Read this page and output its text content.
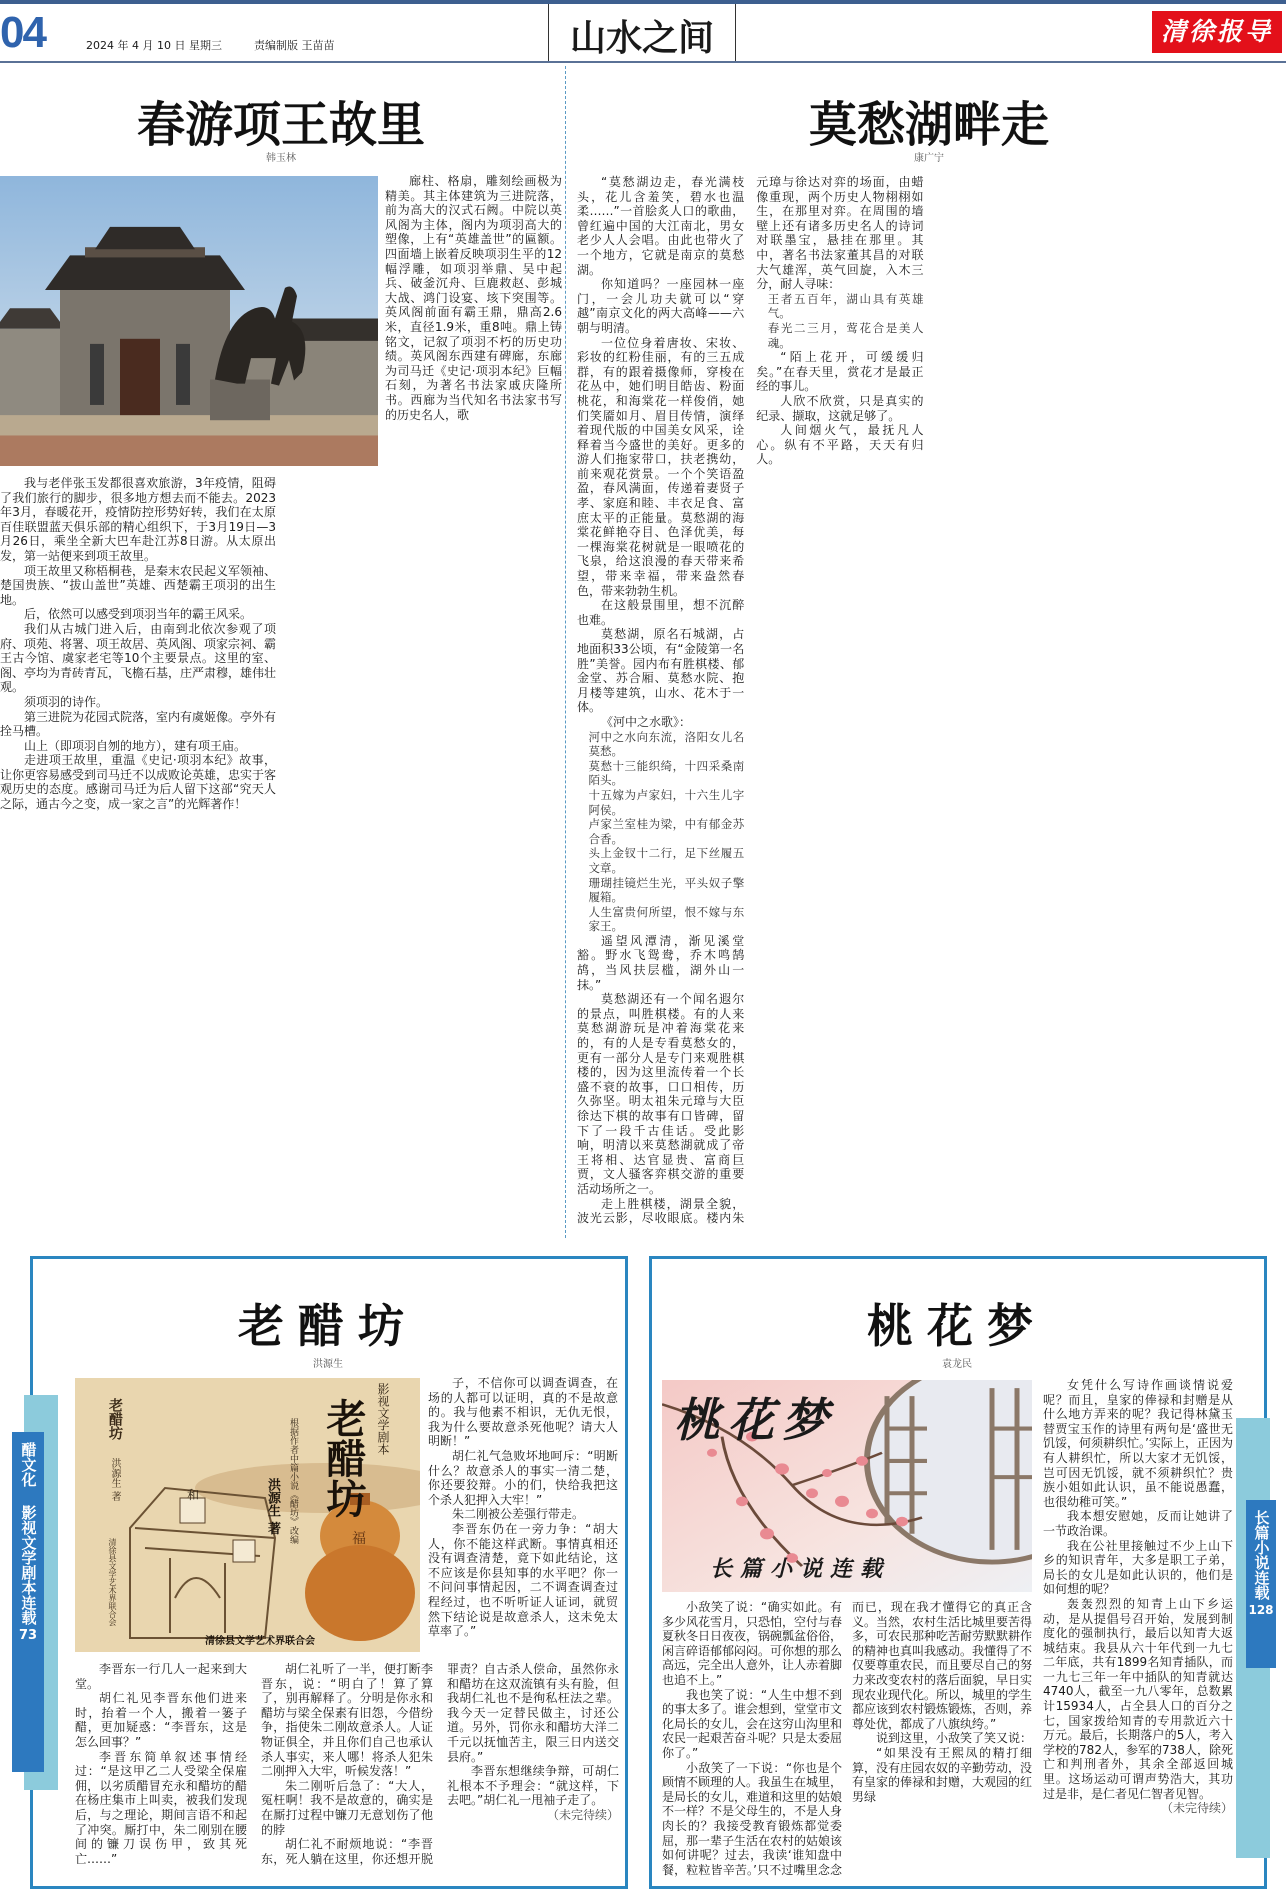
04	2024 年 4 月 10 日 星期三	责编制版 王苗苗	山水之间	清徐报导
春游项王故里
韩玉林

廊柱、格扇，雕刻绘画极为精美。其主体建筑为三进院落，前为高大的汉式石阙。中院以英风阁为主体，阁内为项羽高大的塑像，上有“英雄盖世”的匾额。四面墙上嵌着反映项羽生平的12幅浮雕，如项羽举鼎、吴中起兵、破釜沉舟、巨鹿救赵、彭城大战、鸿门设宴、垓下突围等。英风阁前面有霸王鼎，鼎高2.6米，直径1.9米，重8吨。鼎上铸铭文，记叙了项羽不朽的历史功绩。英风阁东西建有碑廊，东廊为司马迁《史记·项羽本纪》巨幅石刻，为著名书法家戚庆隆所书。西廊为当代知名书法家书写的历史名人，歌

我与老伴张玉发都很喜欢旅游，3年疫情，阻碍了我们旅行的脚步，很多地方想去而不能去。2023年3月，春暖花开，疫情防控形势好转，我们在太原百佳联盟蓝天俱乐部的精心组织下，于3月19日—3月26日，乘坐全新大巴车赴江苏8日游。从太原出发，第一站便来到项王故里。

项王故里又称梧桐巷，是秦末农民起义军领袖、楚国贵族、“拔山盖世”英雄、西楚霸王项羽的出生地。

后，依然可以感受到项羽当年的霸王风采。

我们从古城门进入后，由南到北依次参观了项府、项苑、将署、项王故居、英风阁、项家宗祠、霸王古今馆、虞家老宅等10个主要景点。这里的室、阁、亭均为青砖青瓦，飞檐石基，庄严肃穆，雄伟壮观。

须项羽的诗作。

第三进院为花园式院落，室内有虞姬像。亭外有拴马槽。

山上（即项羽自刎的地方），建有项王庙。

走进项王故里，重温《史记·项羽本纪》故事，让你更容易感受到司马迁不以成败论英雄，忠实于客观历史的态度。感谢司马迁为后人留下这部“究天人之际，通古今之变，成一家之言”的光辉著作！

莫愁湖畔走
康广宁

“莫愁湖边走，春光满枝头，花儿含羞笑，碧水也温柔……”一首脍炙人口的歌曲，曾红遍中国的大江南北，男女老少人人会唱。由此也带火了一个地方，它就是南京的莫愁湖。

你知道吗？一座园林一座门，一会儿功夫就可以“穿越”南京文化的两大高峰——六朝与明清。

一位位身着唐妆、宋妆、彩妆的红粉佳丽，有的三五成群，有的跟着摄像师，穿梭在花丛中，她们明目皓齿、粉面桃花，和海棠花一样俊俏，她们笑靥如月、眉目传情，演绎着现代版的中国美女风采，诠释着当今盛世的美好。更多的游人们拖家带口，扶老携幼，前来观花赏景。一个个笑语盈盈，春风满面，传递着妻贤子孝、家庭和睦、丰衣足食、富庶太平的正能量。莫愁湖的海棠花鲜艳夺目、色泽优美，每一棵海棠花树就是一眼喷花的飞泉，给这浪漫的春天带来希望，带来幸福，带来盎然春色，带来勃勃生机。

在这般景围里，想不沉醉也难。

莫愁湖，原名石城湖，占地面积33公顷，有“金陵第一名胜”美誉。园内布有胜棋楼、郁金堂、苏合厢、莫愁水院、抱月楼等建筑，山水、花木于一体。

《河中之水歌》：

河中之水向东流，洛阳女儿名莫愁。
莫愁十三能织绮，十四采桑南陌头。
十五嫁为卢家妇，十六生儿字阿侯。
卢家兰室桂为梁，中有郁金苏合香。
头上金钗十二行，足下丝履五文章。
珊瑚挂镜烂生光，平头奴子擎履箱。
人生富贵何所望，恨不嫁与东家王。

遥望风潭清，渐见溪堂豁。野水飞鸳鸯，乔木鸣鹄鸪，当风扶层槛，湖外山一抹。”

莫愁湖还有一个闻名遐尔的景点，叫胜棋楼。有的人来莫愁湖游玩是冲着海棠花来的，有的人是专看莫愁女的，更有一部分人是专门来观胜棋楼的，因为这里流传着一个长盛不衰的故事，口口相传，历久弥坚。明太祖朱元璋与大臣徐达下棋的故事有口皆碑，留下了一段千古佳话。受此影响，明清以来莫愁湖就成了帝王将相、达官显贵、富商巨贾，文人骚客弈棋交游的重要活动场所之一。

走上胜棋楼，湖景全貌，波光云影，尽收眼底。楼内朱元璋与徐达对弈的场面，由蜡像重现，两个历史人物栩栩如生，在那里对弈。在周围的墙壁上还有诸多历史名人的诗词对联墨宝，悬挂在那里。其中，著名书法家董其昌的对联大气雄浑，英气回旋，入木三分，耐人寻味：

王者五百年，湖山具有英雄气。
春光二三月，莺花合是美人魂。

“陌上花开，可缓缓归矣。”在春天里，赏花才是最正经的事儿。

人欣不欣赏，只是真实的纪录、撷取，这就足够了。

人间烟火气，最抚凡人心。纵有不平路，天天有归人。

醋文化
影视文学剧本连载
73
老醋坊
洪源生
和
福
老醋坊
洪源生 著
清徐县文学艺术界联合会
影视文学剧本
老醋坊
根据作者中篇小说《醋坊》改编
洪源生 著
清徐县文学艺术界联合会

子，不信你可以调查调查，在场的人都可以证明，真的不是故意的。我与他素不相识，无仇无恨，我为什么要故意杀死他呢？请大人明断！”

胡仁礼气急败坏地呵斥：“明断什么？故意杀人的事实一清二楚，你还要狡辩。小的们，快给我把这个杀人犯押入大牢！”

朱二刚被公差强行带走。

李晋东仍在一旁力争：“胡大人，你不能这样武断。事情真相还没有调查清楚，竟下如此结论，这不应该是你县知事的水平吧？你一不问问事情起因，二不调查调查过程经过，也不听听证人证词，就贸然下结论说是故意杀人，这未免太草率了。”

李晋东一行几人一起来到大堂。

胡仁礼见李晋东他们进来时，抬着一个人，搬着一篓子醋，更加疑惑：“李晋东，这是怎么回事？”

李晋东简单叙述事情经过：“是这甲乙二人受梁全保雇佣，以劣质醋冒充永和醋坊的醋在杨庄集市上叫卖，被我们发现后，与之理论，期间言语不和起了冲突。厮打中，朱二刚别在腰间的镰刀误伤甲，致其死亡……”

胡仁礼听了一半，便打断李晋东，说：“明白了！算了算了，别再解释了。分明是你永和醋坊与梁全保素有旧怨，今借纷争，指使朱二刚故意杀人。人证物证俱全，并且你们自己也承认杀人事实，来人哪！将杀人犯朱二刚押入大牢，听候发落！”

朱二刚听后急了：“大人，冤枉啊！我不是故意的，确实是在厮打过程中镰刀无意划伤了他的脖

胡仁礼不耐烦地说：“李晋东，死人躺在这里，你还想开脱罪责？自古杀人偿命，虽然你永和醋坊在这双流镇有头有脸，但我胡仁礼也不是徇私枉法之辈。我今天一定替民做主，讨还公道。另外，罚你永和醋坊大洋二千元以抚恤苦主，限三日内送交县府。”

李晋东想继续争辩，可胡仁礼根本不予理会：“就这样，下去吧。”胡仁礼一甩袖子走了。

（未完待续）

长篇小说连载
128
桃花梦
袁龙民
桃花梦
长篇小说连载

女凭什么写诗作画谈情说爱呢？而且，皇家的俸禄和封赠是从什么地方弄来的呢？我记得林黛玉替贾宝玉作的诗里有两句是‘盛世无饥馁，何须耕织忙。’实际上，正因为有人耕织忙，所以大家才无饥馁，岂可因无饥馁，就不须耕织忙？贵族小姐如此认识，虽不能说愚蠢，也很幼稚可笑。”

我本想安慰她，反而让她讲了一节政治课。

我在公社里接触过不少上山下乡的知识青年，大多是职工子弟，局长的女儿是如此认识的，他们是如何想的呢？

轰轰烈烈的知青上山下乡运动，是从提倡号召开始，发展到制度化的强制执行，最后以知青大返城结束。我县从六十年代到一九七二年底，共有1899名知青插队，而一九七三年一年中插队的知青就达4740人，截至一九八零年，总数累计15934人，占全县人口的百分之七，国家拨给知青的专用款近六十万元。最后，长期落户的5人，考入学校的782人，参军的738人，除死亡和判刑者外，其余全部返回城里。这场运动可谓声势浩大，其功过是非，是仁者见仁智者见智。

（未完待续）

小敌笑了说：“确实如此。有多少风花雪月，只恐怕，空付与春夏秋冬日日夜夜，锅碗瓢盆俗俗，闲言碎语郁郁闷闷。可你想的那么高远，完全出人意外，让人赤着脚也追不上。”

我也笑了说：“人生中想不到的事太多了。谁会想到，堂堂市文化局长的女儿，会在这穷山沟里和农民一起艰苦奋斗呢？只是太委屈你了。”

小敌笑了一下说：“你也是个顾情不顾理的人。我虽生在城里，是局长的女儿，难道和这里的姑娘不一样？不是父母生的，不是人身肉长的？我接受教育锻炼都觉委屈，那一辈子生活在农村的姑娘该如何讲呢？过去，我读‘谁知盘中餐，粒粒皆辛苦。’只不过嘴里念念而已，现在我才懂得它的真正含义。当然，农村生活比城里要苦得多，可农民那种吃苦耐劳默默耕作的精神也真叫我感动。我懂得了不仅要尊重农民，而且要尽自己的努力来改变农村的落后面貌，早日实现农业现代化。所以，城里的学生都应该到农村锻炼锻炼，否则，养尊处优，都成了八旗纨绔。”

说到这里，小敌笑了笑又说：

“如果没有王熙凤的精打细算，没有庄园农奴的辛勤劳动，没有皇家的俸禄和封赠，大观园的红男绿
